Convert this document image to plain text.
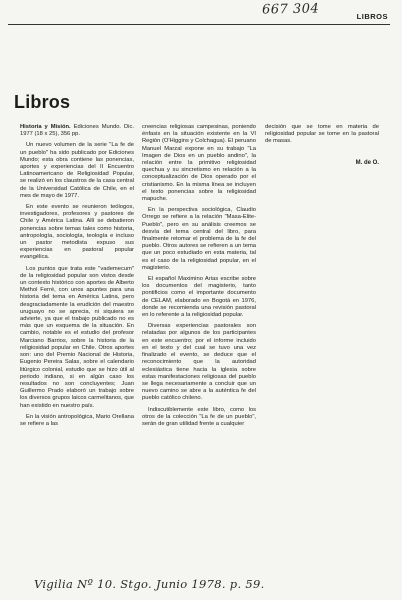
667 304	LIBROS
Libros

Historia y Misión. Ediciones Mundo. Dic. 1977 (18 x 25), 356 pp.

Un nuevo volumen de la serie "La fe de un pueblo" ha sido publicado por Ediciones Mundo; esta obra contiene las ponencias, aportes y experiencias del II Encuentro Latinoamericano de Religiosidad Popular, se realizó en los claustros de la casa central de la Universidad Católica de Chile, en el mes de mayo de 1977.

En este evento se reunieron teólogos, investigadores, profesores y pastores de Chile y América Latina. Allí se debatieron ponencias sobre temas tales como historia, antropología, sociología, teología e incluso un pastor metodista expuso sus experiencias en pastoral popular evangélica.

Los puntos que trata este "vademecum" de la religiosidad popular son vistos desde un contexto histórico con aportes de Alberto Methol Ferré, con unos apuntes para una historia del tema en América Latina, pero desgraciadamente la erudición del maestro uruguayo no se aprecia, ni siquiera se advierte, ya que el trabajo publicado no es más que un esquema de la situación. En cambio, notable es el estudio del profesor Marciano Barrios, sobre la historia de la religiosidad popular en Chile. Otros aportes son: uno del Premio Nacional de Historia, Eugenio Pereira Salas, sobre el calendario litúrgico colonial, estudio que se hizo útil al periodo indiano, si en algún caso los resultados no son concluyentes; Juan Guillermo Prado elaboró un trabajo sobre los diversos grupos laicos carmelitanos, que han existido en nuestro país.

En la visión antropológica, Mario Orellana se refiere a las

creencias religiosas campesinas, poniendo énfasis en la situación existente en la VI Región (O'Higgins y Colchagua). El peruano Manuel Marzal expone en su trabajo "La Imagen de Dios en un pueblo andino", la relación entre la primitivo religiosidad quechua y su sincretismo en relación a la conceptualización de Dios operado por el cristianismo. En la misma línea se incluyen el texto ponencias sobre la religiosidad mapuche.

En la perspectiva sociológica, Claudio Orrego se refiere a la relación "Masa-Elite-Pueblo", pero en su análisis creemos se desvía del tema central del libro, para finalmente retomar el problema de la fe del pueblo. Otros autores se refieren a un tema que un poco estudiado en esta materia, tal es el caso de la religiosidad popular, en el magisterio.

El español Maximino Arias escribe sobre los documentos del magisterio, tanto pontificios como el importante documento de CELAM, elaborado en Bogotá en 1976, donde se recomienda una revisión pastoral en lo referente a la religiosidad popular.

Diversas experiencias pastorales son relatadas por algunos de los participantes en este encuentro; por el informe incluido en el texto y del cual se tuvo una vez finalizado el evento, se deduce que el reconocimiento que la autoridad eclesiástica tiene hacia la iglesia sobre estas manifestaciones religiosas del pueblo se llega necesariamente a concluir que un nuevo camino se abre a la auténtica fe del pueblo católico chileno.

Indiscutiblemente este libro, como los otros de la colección "La fe de un pueblo", serán de gran utilidad frente a cualquier

decisión que se tome en materia de religiosidad popular se tome en la pastoral de masas.

M. de O.
Vigilia Nº 10. Stgo. Junio 1978. p. 59.
